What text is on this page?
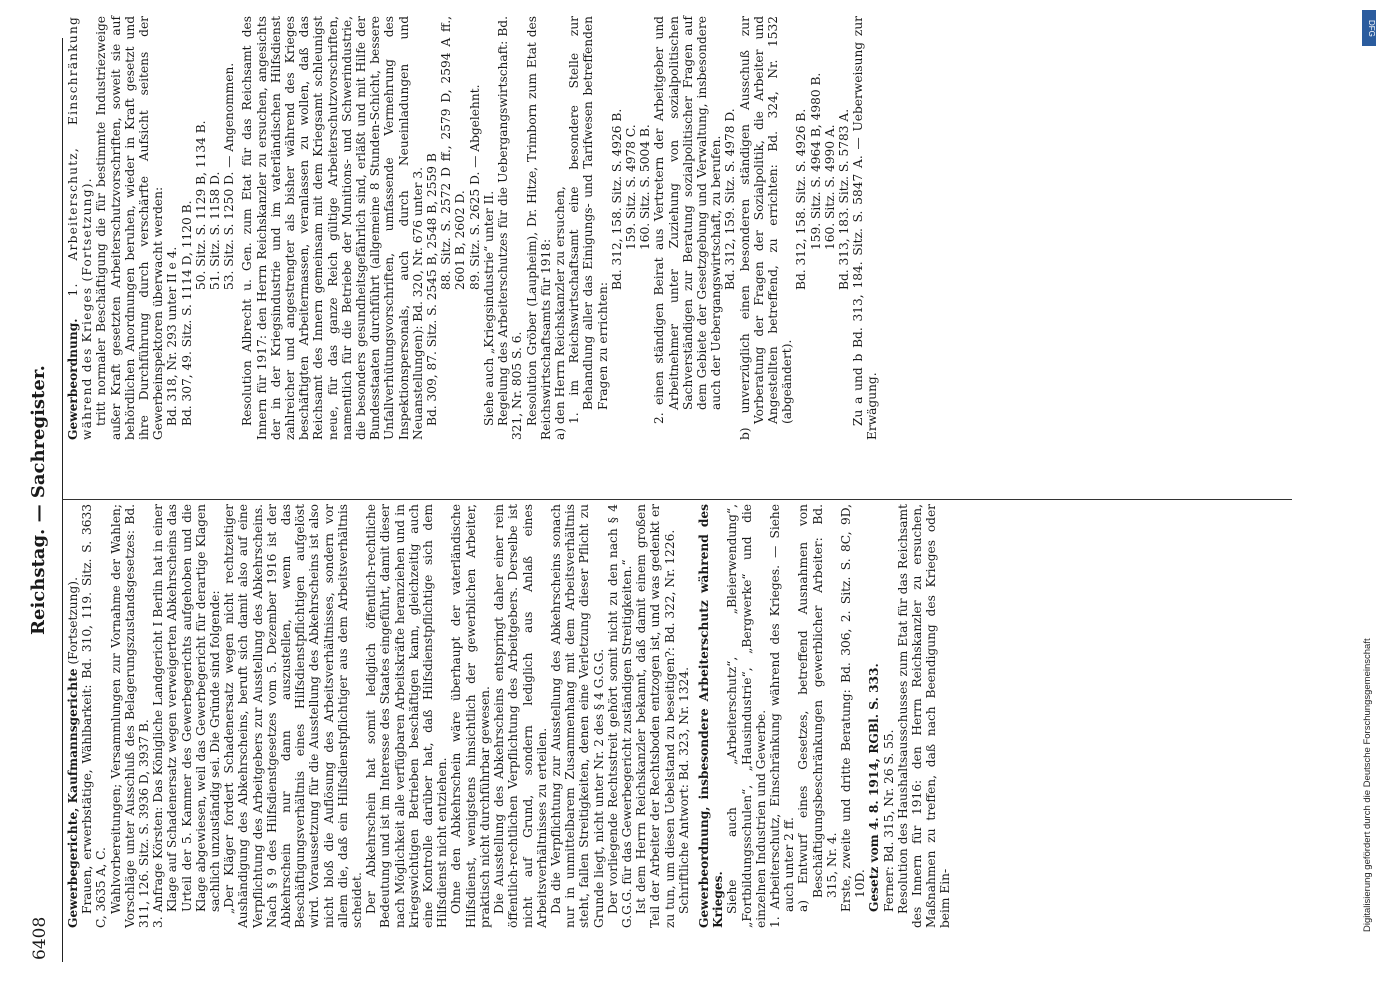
6408
Reichstag. — Sachregister.

Gewerbegerichte, Kaufmannsgerichte (Fortsetzung). Frauen, erwerbstätige, Wählbarkeit: Bd. 310, 119. Sitz. S. 3633 C, 3635 A, C. Wahlvorbereitungen; Versammlungen zur Vornahme der Wahlen; Vorschläge unter Ausschluß des Belagerungszustandsgesetzes: Bd. 311, 126. Sitz. S. 3936 D, 3937 B. 3. Anfrage Körsten: Das Königliche Landgericht I Berlin hat in einer Klage auf Schadenersatz wegen verweigerten Abkehrscheins das Urteil der 5. Kammer des Gewerbegerichts aufgehoben und die Klage abgewiesen, weil das Gewerbegericht für derartige Klagen sachlich unzuständig sei. Die Gründe sind folgende: „Der Kläger fordert Schadenersatz wegen nicht rechtzeitiger Aushändigung des Abkehrscheins, beruft sich damit also auf eine Verpflichtung des Arbeitgebers zur Ausstellung des Abkehrscheins. Nach § 9 des Hilfsdienstgesetzes vom 5. Dezember 1916 ist der Abkehrschein nur dann auszustellen, wenn das Beschäftigungsverhältnis eines Hilfsdienstpflichtigen aufgelöst wird. Voraussetzung für die Ausstellung des Abkehrscheins ist also nicht bloß die Auflösung des Arbeitsverhältnisses, sondern vor allem die, daß ein Hilfsdienstpflichtiger aus dem Arbeitsverhältnis scheidet. Der Abkehrschein hat somit lediglich öffentlich-rechtliche Bedeutung und ist im Interesse des Staates eingeführt, damit dieser nach Möglichkeit alle verfügbaren Arbeitskräfte heranziehen und in kriegswichtigen Betrieben beschäftigen kann, gleichzeitig auch eine Kontrolle darüber hat, daß Hilfsdienstpflichtige sich dem Hilfsdienst nicht entziehen. Ohne den Abkehrschein wäre überhaupt der vaterländische Hilfsdienst, wenigstens hinsichtlich der gewerblichen Arbeiter, praktisch nicht durchführbar gewesen. Die Ausstellung des Abkehrscheins entspringt daher einer rein öffentlich-rechtlichen Verpflichtung des Arbeitgebers. Derselbe ist nicht auf Grund, sondern lediglich aus Anlaß eines Arbeitsverhältnisses zu erteilen. Da die Verpflichtung zur Ausstellung des Abkehrscheins sonach nur in unmittelbarem Zusammenhang mit dem Arbeitsverhältnis steht, fallen Streitigkeiten, denen eine Verletzung dieser Pflicht zu Grunde liegt, nicht unter Nr. 2 des § 4 G.G.G. Der vorliegende Rechtsstreit gehört somit nicht zu den nach § 4 G.G.G. für das Gewerbegericht zuständigen Streitigkeiten.“ Ist dem Herrn Reichskanzler bekannt, daß damit einem großen Teil der Arbeiter der Rechtsboden entzogen ist, und was gedenkt er zu tun, um diesen Uebelstand zu beseitigen?: Bd. 322, Nr. 1226. Schriftliche Antwort: Bd. 323, Nr. 1324. Gewerbeordnung, insbesondere Arbeiterschutz während des Krieges. Siehe auch „Arbeiterschutz“, „Bleierwendung“, „Fortbildungsschulen“, „Hausindustrie“, „Bergwerke“ und die einzelnen Industrien und Gewerbe. 1. Arbeiterschutz, Einschränkung während des Krieges. — Siehe auch unter 2 ff. a) Entwurf eines Gesetzes, betreffend Ausnahmen von Beschäftigungsbeschränkungen gewerblicher Arbeiter: Bd. 315, Nr. 4. Erste, zweite und dritte Beratung: Bd. 306, 2. Sitz. S. 8C, 9D, 10D. Gesetz vom 4. 8. 1914, RGBl. S. 333. Ferner: Bd. 315, Nr. 26 S. 55. Resolution des Haushaltsausschusses zum Etat für das Reichsamt des Innern für 1916: den Herrn Reichskanzler zu ersuchen, Maßnahmen zu treffen, daß nach Beendigung des Krieges oder beim Ein-

Gewerbeordnung. 1. Arbeiterschutz, Einschränkung während des Krieges (Fortsetzung). tritt normaler Beschäftigung die für bestimmte Industriezweige außer Kraft gesetzten Arbeiterschutzvorschriften, soweit sie auf behördlichen Anordnungen beruhen, wieder in Kraft gesetzt und ihre Durchführung durch verschärfte Aufsicht seitens der Gewerbeinspektoren überwacht werden: Bd. 318, Nr. 293 unter II e 4. Bd. 307, 49. Sitz. S. 1114 D, 1120 B. 50. Sitz. S. 1129 B, 1134 B. 51. Sitz. S. 1158 D. 53. Sitz. S. 1250 D. — Angenommen. Resolution Albrecht u. Gen. zum Etat für das Reichsamt des Innern für 1917: den Herrn Reichskanzler zu ersuchen, angesichts der in der Kriegsindustrie und im vaterländischen Hilfsdienst zahlreicher und angestrengter als bisher während des Krieges beschäftigten Arbeitermassen, veranlassen zu wollen, daß das Reichsamt des Innern gemeinsam mit dem Kriegsamt schleunigst neue, für das ganze Reich gültige Arbeiterschutzvorschriften, namentlich für die Betriebe der Munitions- und Schwerindustrie, die besonders gesundheitsgefährlich sind, erläßt und mit Hilfe der Bundesstaaten durchführt (allgemeine 8 Stunden-Schicht, bessere Unfallverhütungsvorschriften, umfassende Vermehrung des Inspektionspersonals, auch durch Neueinladungen und Neuanstellungen): Bd. 320, Nr. 676 unter 3. Bd. 309, 87. Sitz. S. 2545 B, 2548 B, 2559 B 88. Sitz. S. 2572 D ff., 2579 D, 2594 A ff., 2601 B, 2602 D. 89. Sitz. S. 2625 D. — Abgelehnt.

Siehe auch „Kriegsindustrie“ unter II. Regelung des Arbeiterschutzes für die Uebergangswirtschaft: Bd. 321, Nr. 805 S. 6. Resolution Gröber (Laupheim), Dr. Hitze, Trimborn zum Etat des Reichswirtschaftsamts für 1918: a) den Herrn Reichskanzler zu ersuchen, 1. im Reichswirtschaftsamt eine besondere Stelle zur Behandlung aller das Einigungs- und Tarifwesen betreffenden Fragen zu errichten:

Bd. 312, 158. Sitz. S. 4926 B. 159. Sitz. S. 4978 C. 160. Sitz. S. 5004 B. 2. einen ständigen Beirat aus Vertretern der Arbeitgeber und Arbeitnehmer unter Zuziehung von sozialpolitischen Sachverständigen zur Beratung sozialpolitischer Fragen auf dem Gebiete der Gesetzgebung und Verwaltung, insbesondere auch der Uebergangswirtschaft, zu berufen. Bd. 312, 159. Sitz. S. 4978 D. b) unverzüglich einen besonderen ständigen Ausschuß zur Vorberatung der Fragen der Sozialpolitik, die Arbeiter und Angestellten betreffend, zu errichten: Bd. 324, Nr. 1532 (abgeändert).

Bd. 312, 158. Sitz. S. 4926 B. 159. Sitz. S. 4964 B, 4980 B. 160. Sitz. S. 4990 A. Bd. 313, 183. Sitz. S. 5783 A. Zu a und b Bd. 313, 184. Sitz. S. 5847 A. — Ueberweisung zur Erwägung.

DFG
Digitalisierung gefördert durch die Deutsche Forschungsgemeinschaft
